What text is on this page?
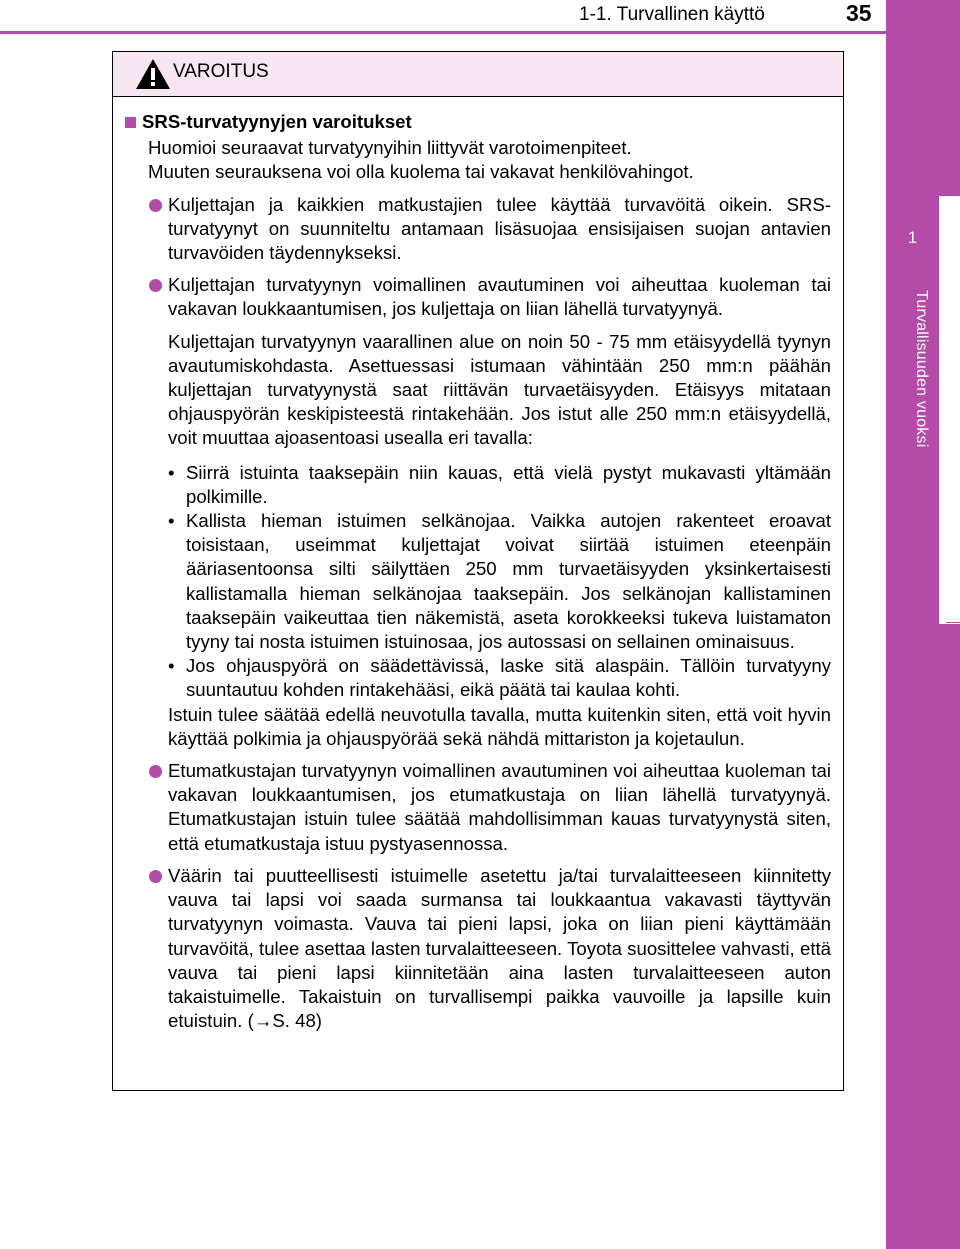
1-1. Turvallinen käyttö	35
1
Turvallisuuden vuoksi
VAROITUS
SRS-turvatyynyjen varoitukset
Huomioi seuraavat turvatyynyihin liittyvät varotoimenpiteet.
Muuten seurauksena voi olla kuolema tai vakavat henkilövahingot.

Kuljettajan ja kaikkien matkustajien tulee käyttää turvavöitä oikein. SRS-turvatyynyt on suunniteltu antamaan lisäsuojaa ensisijaisen suojan antavien turvavöiden täydennykseksi.

Kuljettajan turvatyynyn voimallinen avautuminen voi aiheuttaa kuoleman tai vakavan loukkaantumisen, jos kuljettaja on liian lähellä turvatyynyä.

Kuljettajan turvatyynyn vaarallinen alue on noin 50 - 75 mm etäisyydellä tyynyn avautumiskohdasta. Asettuessasi istumaan vähintään 250 mm:n päähän kuljettajan turvatyynystä saat riittävän turvaetäisyyden. Etäisyys mitataan ohjauspyörän keskipisteestä rintakehään. Jos istut alle 250 mm:n etäisyydellä, voit muuttaa ajoasentoasi usealla eri tavalla:

• Siirrä istuinta taaksepäin niin kauas, että vielä pystyt mukavasti yltämään polkimille.
• Kallista hieman istuimen selkänojaa. Vaikka autojen rakenteet eroavat toisistaan, useimmat kuljettajat voivat siirtää istuimen eteenpäin ääriasentoonsa silti säilyttäen 250 mm turvaetäisyyden yksinkertaisesti kallistamalla hieman selkänojaa taaksepäin. Jos selkänojan kallistaminen taaksepäin vaikeuttaa tien näkemistä, aseta korokkeeksi tukeva luistamaton tyyny tai nosta istuimen istuinosaa, jos autossasi on sellainen ominaisuus.
• Jos ohjauspyörä on säädettävissä, laske sitä alaspäin. Tällöin turvatyyny suuntautuu kohden rintakehääsi, eikä päätä tai kaulaa kohti.

Istuin tulee säätää edellä neuvotulla tavalla, mutta kuitenkin siten, että voit hyvin käyttää polkimia ja ohjauspyörää sekä nähdä mittariston ja kojetaulun.

Etumatkustajan turvatyynyn voimallinen avautuminen voi aiheuttaa kuoleman tai vakavan loukkaantumisen, jos etumatkustaja on liian lähellä turvatyynyä. Etumatkustajan istuin tulee säätää mahdollisimman kauas turvatyynystä siten, että etumatkustaja istuu pystyasennossa.

Väärin tai puutteellisesti istuimelle asetettu ja/tai turvalaitteeseen kiinnitetty vauva tai lapsi voi saada surmansa tai loukkaantua vakavasti täyttyvän turvatyynyn voimasta. Vauva tai pieni lapsi, joka on liian pieni käyttämään turvavöitä, tulee asettaa lasten turvalaitteeseen. Toyota suosittelee vahvasti, että vauva tai pieni lapsi kiinnitetään aina lasten turvalaitteeseen auton takaistuimelle. Takaistuin on turvallisempi paikka vauvoille ja lapsille kuin etuistuin. (→S. 48)
